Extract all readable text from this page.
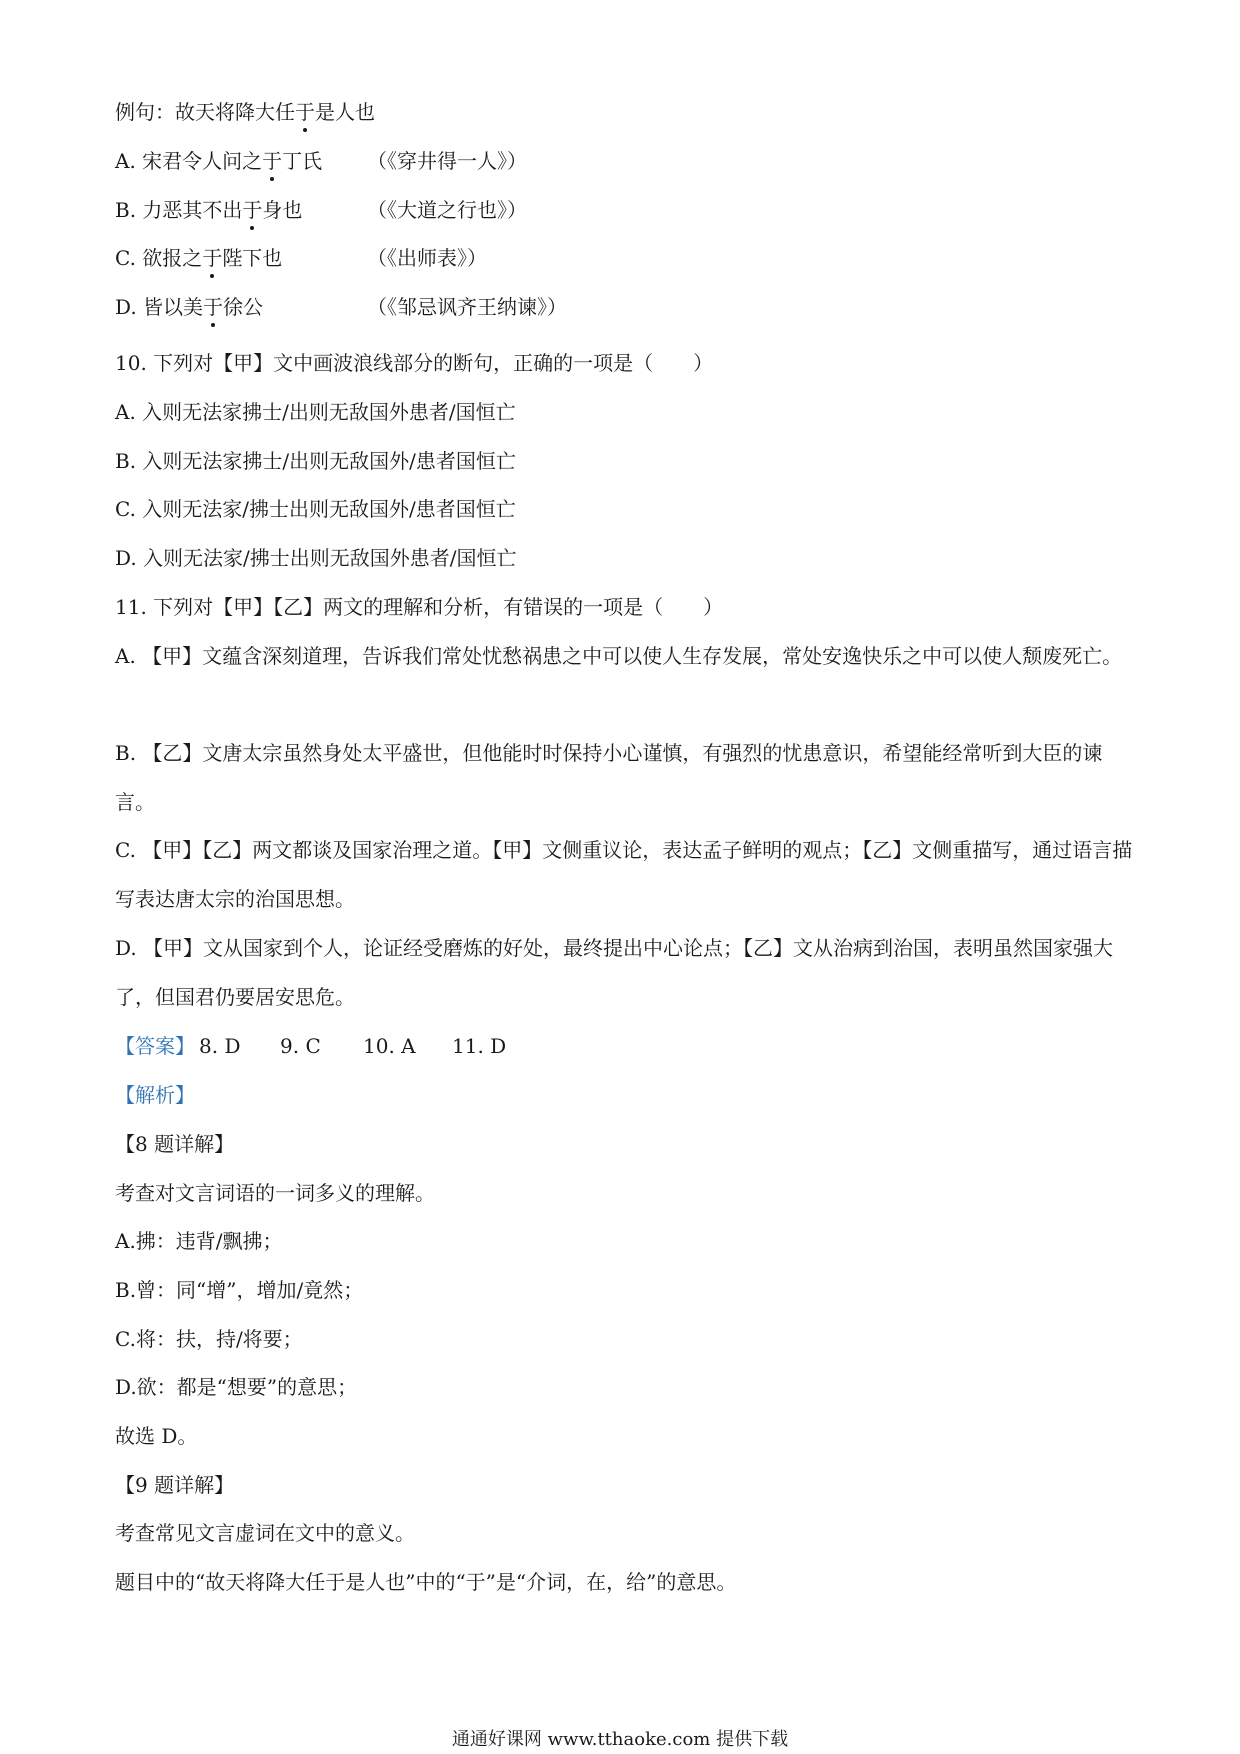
例句：故天将降大任于是人也
A. 宋君令人问之于丁氏 （《穿井得一人》）
B. 力恶其不出于身也	（《大道之行也》）
C. 欲报之于陛下也	（《出师表》）
D. 皆以美于徐公	（《邹忌讽齐王纳谏》）
10. 下列对【甲】文中画波浪线部分的断句，正确的一项是（　　）
A. 入则无法家拂士/出则无敌国外患者/国恒亡
B. 入则无法家拂士/出则无敌国外/患者国恒亡
C. 入则无法家/拂士出则无敌国外/患者国恒亡
D. 入则无法家/拂士出则无敌国外患者/国恒亡
11. 下列对【甲】【乙】两文的理解和分析，有错误的一项是（　　）
A. 【甲】文蕴含深刻道理，告诉我们常处忧愁祸患之中可以使人生存发展，常处安逸快乐之中可以使人颓废死亡。
B. 【乙】文唐太宗虽然身处太平盛世，但他能时时保持小心谨慎，有强烈的忧患意识，希望能经常听到大臣的谏言。
C. 【甲】【乙】两文都谈及国家治理之道。【甲】文侧重议论，表达孟子鲜明的观点；【乙】文侧重描写，通过语言描写表达唐太宗的治国思想。
D. 【甲】文从国家到个人，论证经受磨炼的好处，最终提出中心论点；【乙】文从治病到治国，表明虽然国家强大了，但国君仍要居安思危。
【答案】 8. D 9. C 10. A 11. D
【解析】
【8 题详解】
考查对文言词语的一词多义的理解。
A.拂：违背/飘拂；
B.曾：同“增”，增加/竟然；
C.将：扶，持/将要；
D.欲：都是“想要”的意思；
故选 D。
【9 题详解】
考查常见文言虚词在文中的意义。
题目中的“故天将降大任于是人也”中的“于”是“介词，在，给”的意思。
通通好课网 www.tthaoke.com 提供下载
